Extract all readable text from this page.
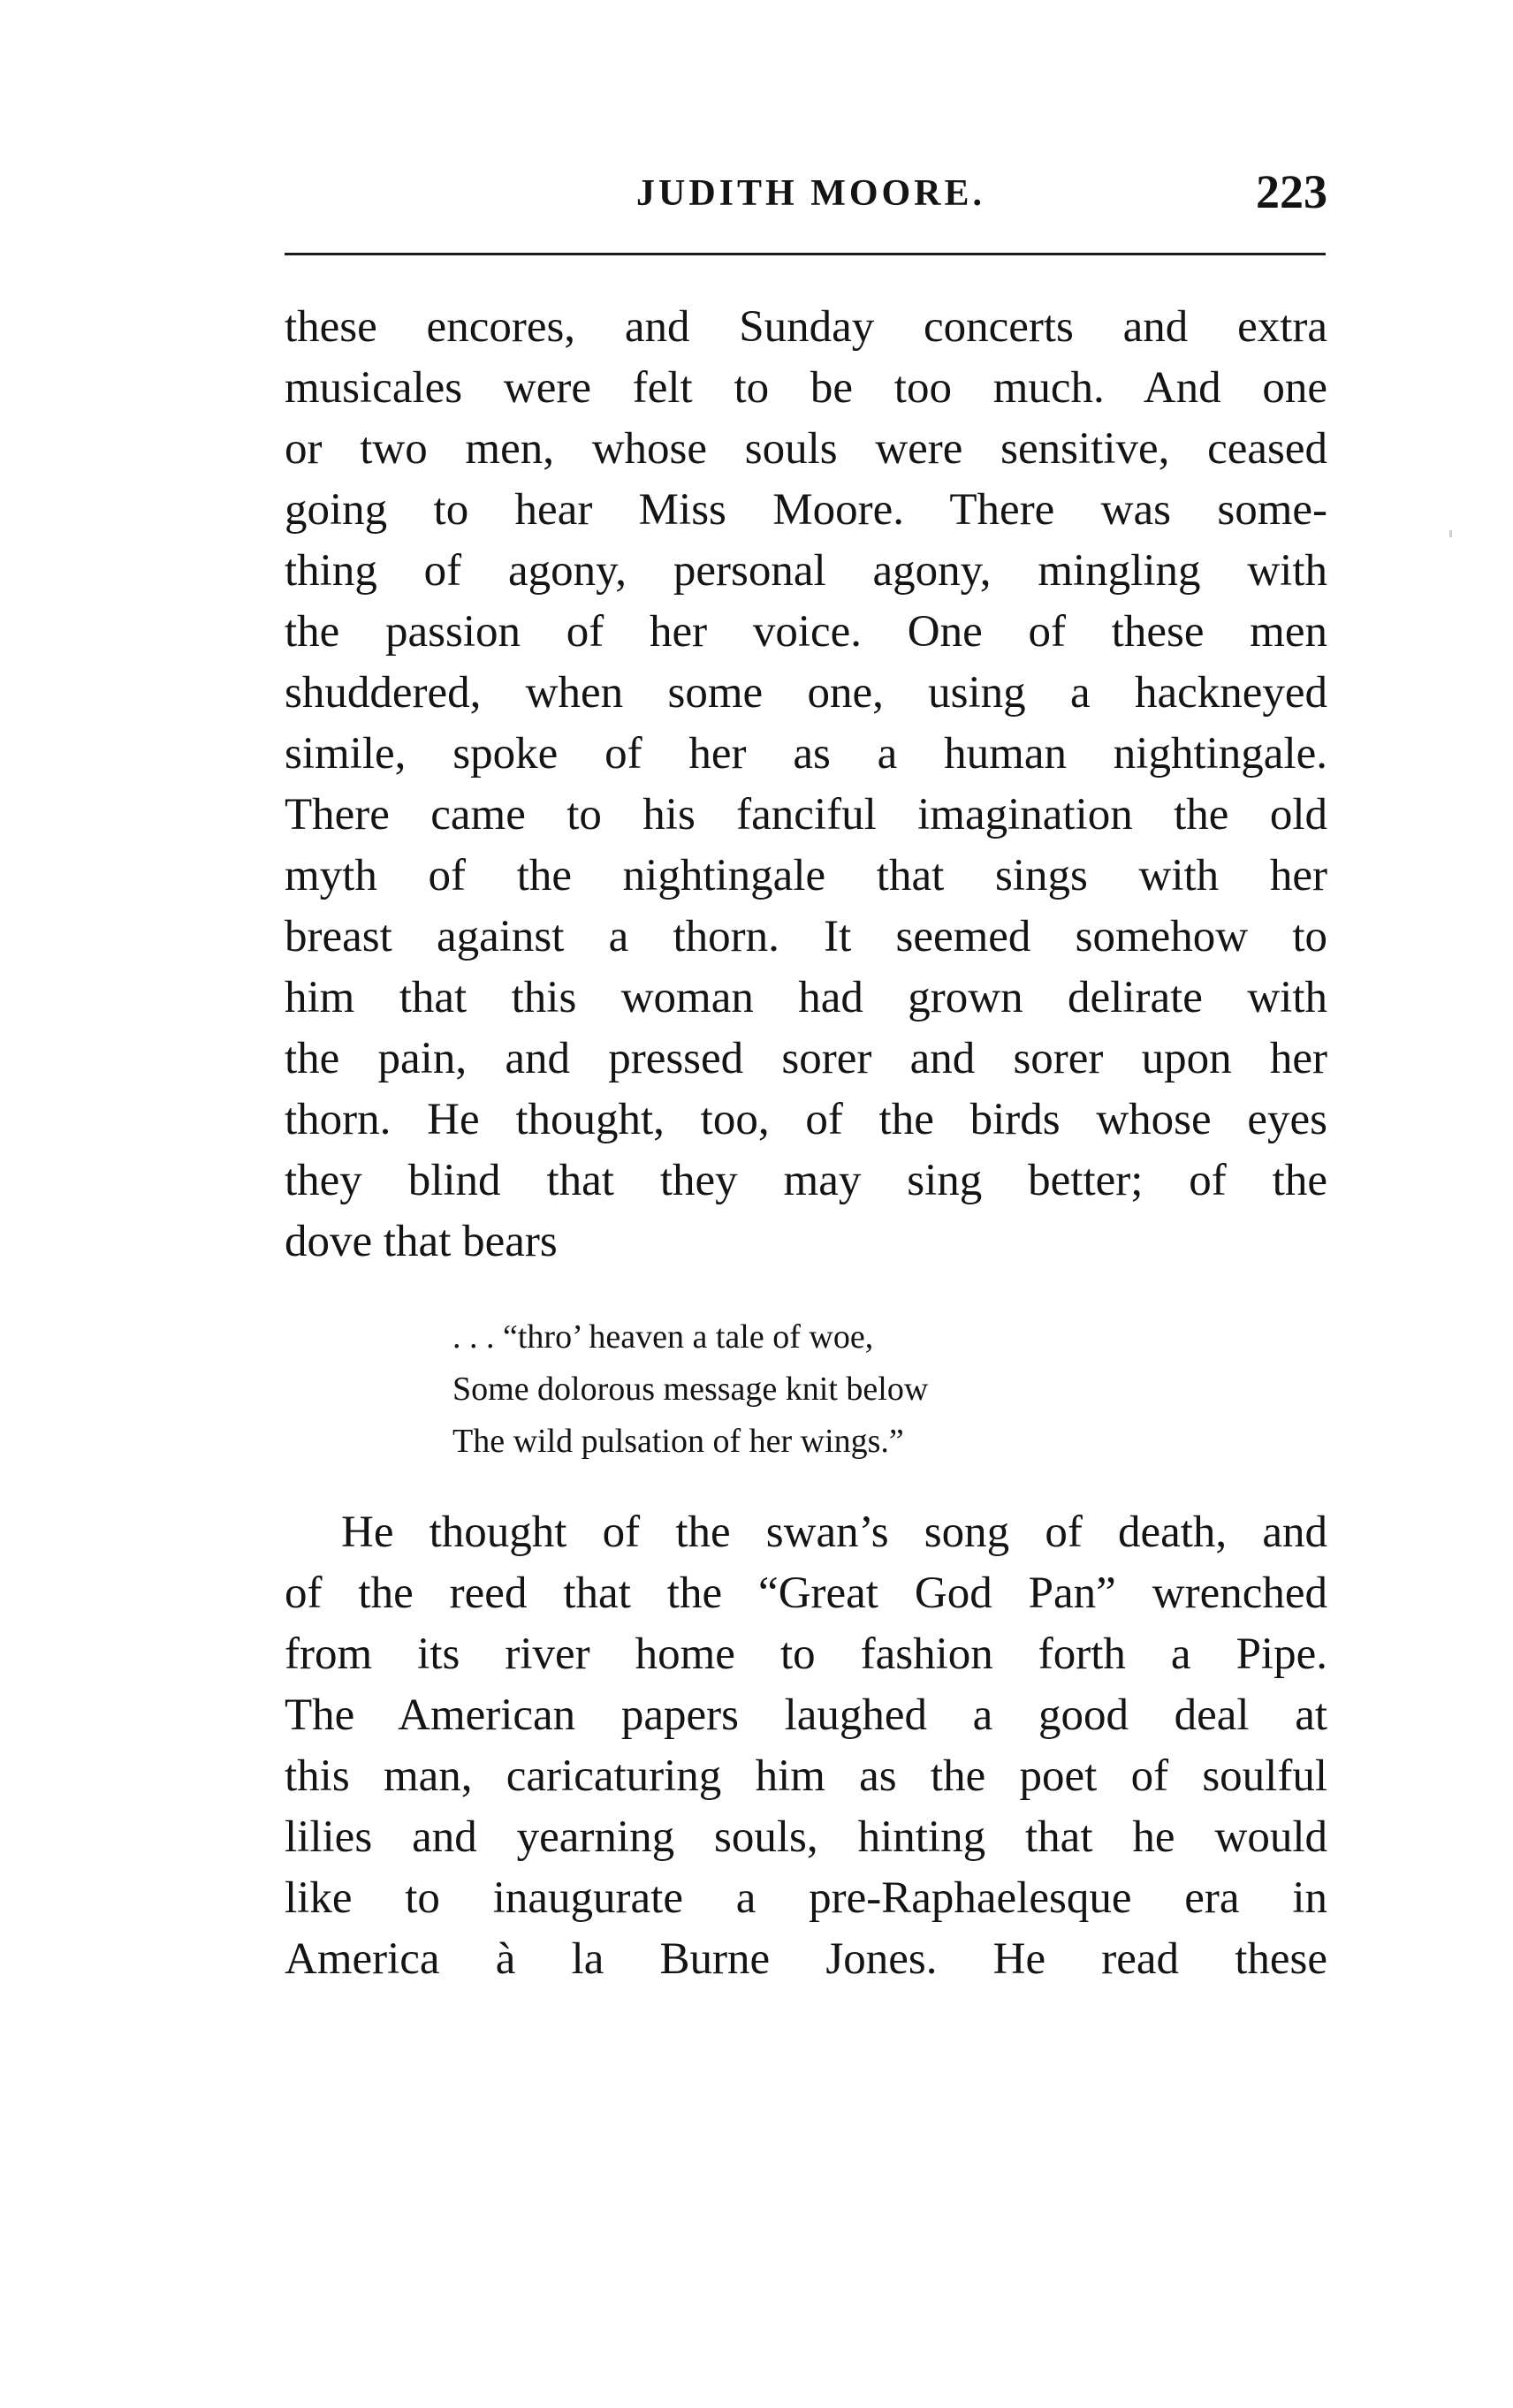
JUDITH MOORE.	223
these encores, and Sunday concerts and extra
musicales were felt to be too much. And one
or two men, whose souls were sensitive, ceased
going to hear Miss Moore. There was some-
thing of agony, personal agony, mingling with
the passion of her voice. One of these men
shuddered, when some one, using a hackneyed
simile, spoke of her as a human nightingale.
There came to his fanciful imagination the old
myth of the nightingale that sings with her
breast against a thorn. It seemed somehow to
him that this woman had grown delirate with
the pain, and pressed sorer and sorer upon her
thorn. He thought, too, of the birds whose eyes
they blind that they may sing better; of the
dove that bears
. . . “thro’ heaven a tale of woe,
Some dolorous message knit below
The wild pulsation of her wings.”
He thought of the swan’s song of death, and
of the reed that the “Great God Pan” wrenched
from its river home to fashion forth a Pipe.
The American papers laughed a good deal at
this man, caricaturing him as the poet of soulful
lilies and yearning souls, hinting that he would
like to inaugurate a pre-Raphaelesque era in
America à la Burne Jones. He read these
